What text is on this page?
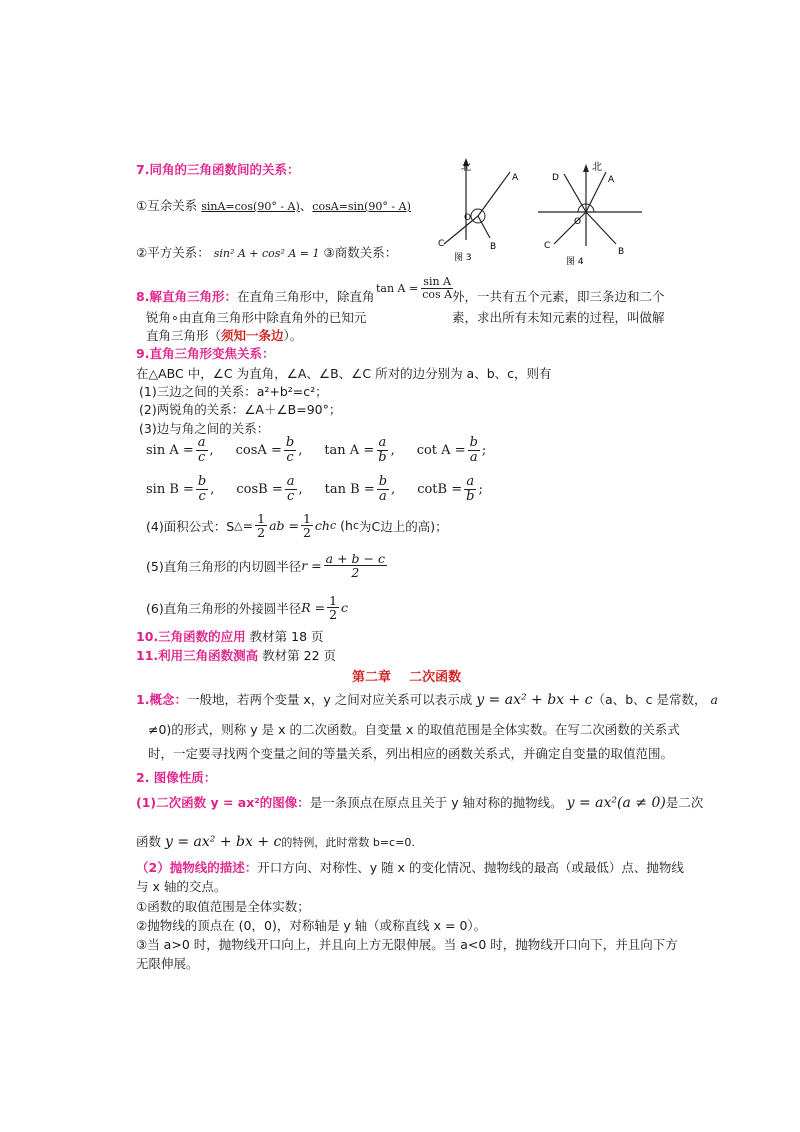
7.同角的三角函数间的关系：
①互余关系 sinA=cos(90° - A)、cosA=sin(90° - A)
②平方关系： sin² A + cos² A = 1 ③商数关系：
北
A
B
C
O
图 3
北
A
D
B
C
O
图 4
8.解直角三角形：在直角三角形中，除直角
$\tan A = \frac{\text{sin A}}{\text{cos A}}$
外，一共有五个元素，即三条边和二个
锐角∘由直角三角形中除直角外的已知元	素，求出所有未知元素的过程，叫做解
直角三角形（须知一条边）。
9.直角三角形变焦关系：
在△ABC 中，∠C 为直角，∠A、∠B、∠C 所对的边分别为 a、b、c，则有
(1)三边之间的关系：a²+b²=c²；
(2)两锐角的关系：∠A＋∠B=90°；
(3)边与角之间的关系：
$\sin A = \frac{a}{c}$ , $\cos A = \frac{b}{c}$ , $\tan A = \frac{a}{b}$ , $\cot A = \frac{b}{a}$ ;
$\sin B = \frac{b}{c}$ , $\cos B = \frac{a}{c}$ , $\tan B = \frac{b}{a}$ , $\cot B = \frac{a}{b}$ ;
(4)面积公式：S △ = $\frac{1}{2}$ ab = $\frac{1}{2}$ ch c (h c 为C边上的高)；
(5)直角三角形的内切圆半径 $r = \frac{a + b - c}{2}$
(6)直角三角形的外接圆半径 $R = \frac{1}{2}$ c
10.三角函数的应用 教材第 18 页
11.利用三角函数测高 教材第 22 页
第二章    二次函数
1.概念：一般地，若两个变量 x，y 之间对应关系可以表示成 y = ax² + bx + c（a、b、c 是常数， a
≠0)的形式，则称 y 是 x 的二次函数。自变量 x 的取值范围是全体实数。在写二次函数的关系式
时，一定要寻找两个变量之间的等量关系，列出相应的函数关系式，并确定自变量的取值范围。
2. 图像性质：
(1)二次函数 y = ax²的图像：是一条顶点在原点且关于 y 轴对称的抛物线。 y = ax²(a ≠ 0)是二次
函数 y = ax² + bx + c的特例，此时常数 b=c=0.
（2）抛物线的描述：开口方向、对称性、y 随 x 的变化情况、抛物线的最高（或最低）点、抛物线
与 x 轴的交点。
①函数的取值范围是全体实数；
②抛物线的顶点在 (0，0)，对称轴是 y 轴（或称直线 x = 0）。
③当 a>0 时，抛物线开口向上，并且向上方无限伸展。当 a<0 时，抛物线开口向下，并且向下方
无限伸展。
